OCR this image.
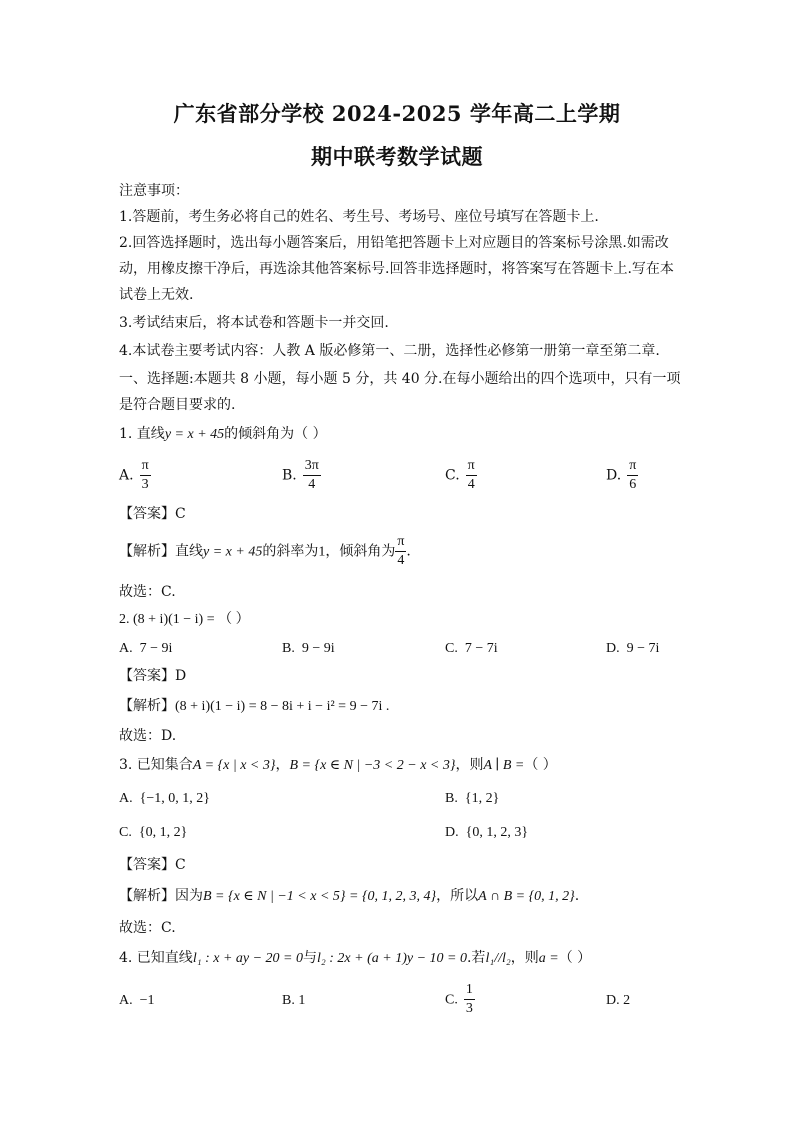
广东省部分学校 2024-2025 学年高二上学期
期中联考数学试题
注意事项：
1.答题前，考生务必将自己的姓名、考生号、考场号、座位号填写在答题卡上.
2.回答选择题时，选出每小题答案后，用铅笔把答题卡上对应题目的答案标号涂黑.如需改
动，用橡皮擦干净后，再选涂其他答案标号.回答非选择题时，将答案写在答题卡上.写在本
试卷上无效.
3.考试结束后，将本试卷和答题卡一并交回.
4.本试卷主要考试内容：人教 A 版必修第一、二册，选择性必修第一册第一章至第二章.
一、选择题:本题共 8 小题，每小题 5 分，共 40 分.在每小题给出的四个选项中，只有一项
是符合题目要求的.
1. 直线y = x + 45的倾斜角为（ ）
A. $\frac{\pi}{3}$	B. $\frac{3\pi}{4}$	C. $\frac{\pi}{4}$	D. $\frac{\pi}{6}$
【答案】C
【解析】直线y = x + 45的斜率为1，倾斜角为 $\frac{\pi}{4}$ .
故选：C.
2. (8 + i)(1 − i) = （ ）
A. 7 − 9i	B. 9 − 9i	C. 7 − 7i	D. 9 − 7i
【答案】D
【解析】(8 + i)(1 − i) = 8 − 8i + i − i² = 9 − 7i .
故选：D.
3. 已知集合A = {x | x < 3}，B = {x ∈ N | −3 < 2 − x < 3}，则A ∣ B =（ ）
A. {−1, 0, 1, 2}	B. {1, 2}
C. {0, 1, 2}	D. {0, 1, 2, 3}
【答案】C
【解析】因为B = {x ∈ N | −1 < x < 5} = {0, 1, 2, 3, 4}，所以A ∩ B = {0, 1, 2}.
故选：C.
4. 已知直线l₁ : x + ay − 20 = 0与l₂ : 2x + (a + 1)y − 10 = 0.若l₁//l₂，则a =（ ）
A. −1	B. 1	C. $\frac{1}{3}$	D. 2
